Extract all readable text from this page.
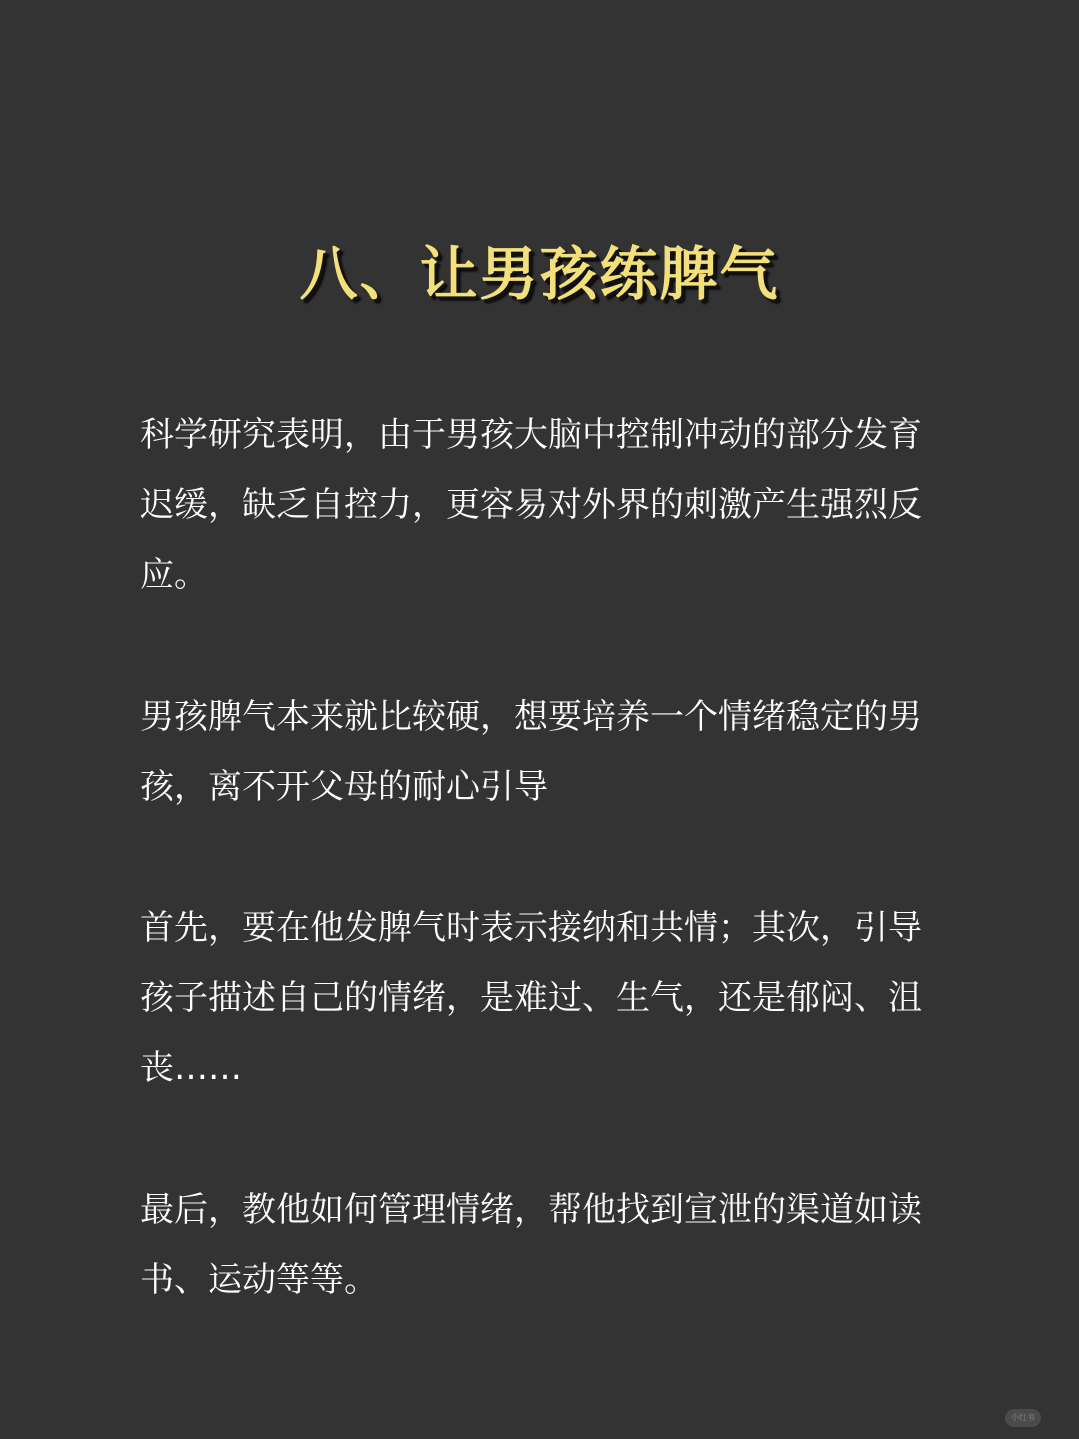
八、让男孩练脾气
科学研究表明，由于男孩大脑中控制冲动的部分发育
迟缓，缺乏自控力，更容易对外界的刺激产生强烈反
应。
男孩脾气本来就比较硬，想要培养一个情绪稳定的男
孩，离不开父母的耐心引导
首先，要在他发脾气时表示接纳和共情；其次，引导
孩子描述自己的情绪，是难过、生气，还是郁闷、沮
丧……
最后，教他如何管理情绪，帮他找到宣泄的渠道如读
书、运动等等。
小红书
